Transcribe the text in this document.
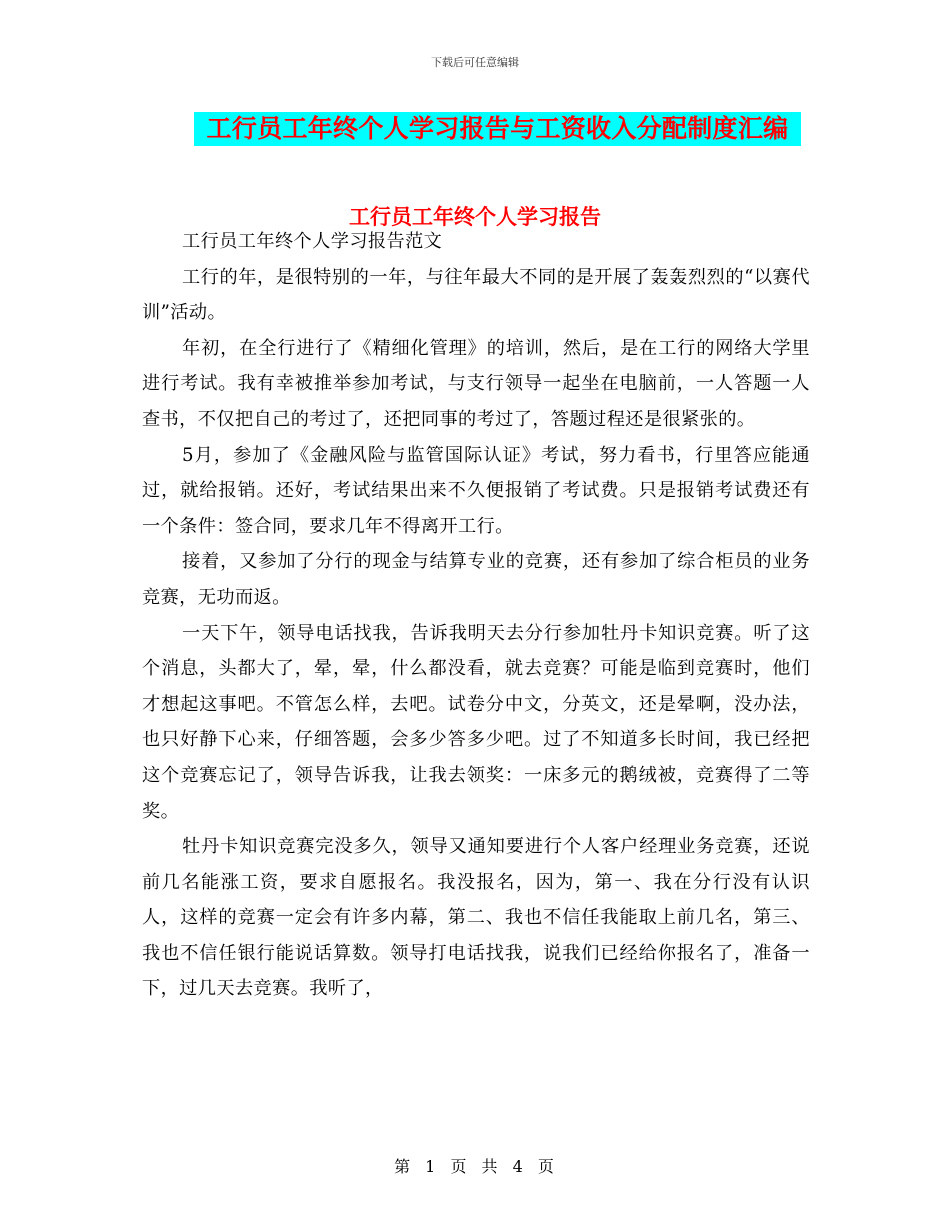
下载后可任意编辑
工行员工年终个人学习报告与工资收入分配制度汇编
工行员工年终个人学习报告

工行员工年终个人学习报告范文

工行的年，是很特别的一年，与往年最大不同的是开展了轰轰烈烈的“以赛代训”活动。

年初，在全行进行了《精细化管理》的培训，然后，是在工行的网络大学里进行考试。我有幸被推举参加考试，与支行领导一起坐在电脑前，一人答题一人查书，不仅把自己的考过了，还把同事的考过了，答题过程还是很紧张的。

5月，参加了《金融风险与监管国际认证》考试，努力看书，行里答应能通过，就给报销。还好，考试结果出来不久便报销了考试费。只是报销考试费还有一个条件：签合同，要求几年不得离开工行。

接着，又参加了分行的现金与结算专业的竞赛，还有参加了综合柜员的业务竞赛，无功而返。

一天下午，领导电话找我，告诉我明天去分行参加牡丹卡知识竞赛。听了这个消息，头都大了，晕，晕，什么都没看，就去竞赛？可能是临到竞赛时，他们才想起这事吧。不管怎么样，去吧。试卷分中文，分英文，还是晕啊，没办法，也只好静下心来，仔细答题，会多少答多少吧。过了不知道多长时间，我已经把这个竞赛忘记了，领导告诉我，让我去领奖：一床多元的鹅绒被，竞赛得了二等奖。

牡丹卡知识竞赛完没多久，领导又通知要进行个人客户经理业务竞赛，还说前几名能涨工资，要求自愿报名。我没报名，因为，第一、我在分行没有认识人，这样的竞赛一定会有许多内幕，第二、我也不信任我能取上前几名，第三、我也不信任银行能说话算数。领导打电话找我，说我们已经给你报名了，准备一下，过几天去竞赛。我听了，

第 1 页 共 4 页
